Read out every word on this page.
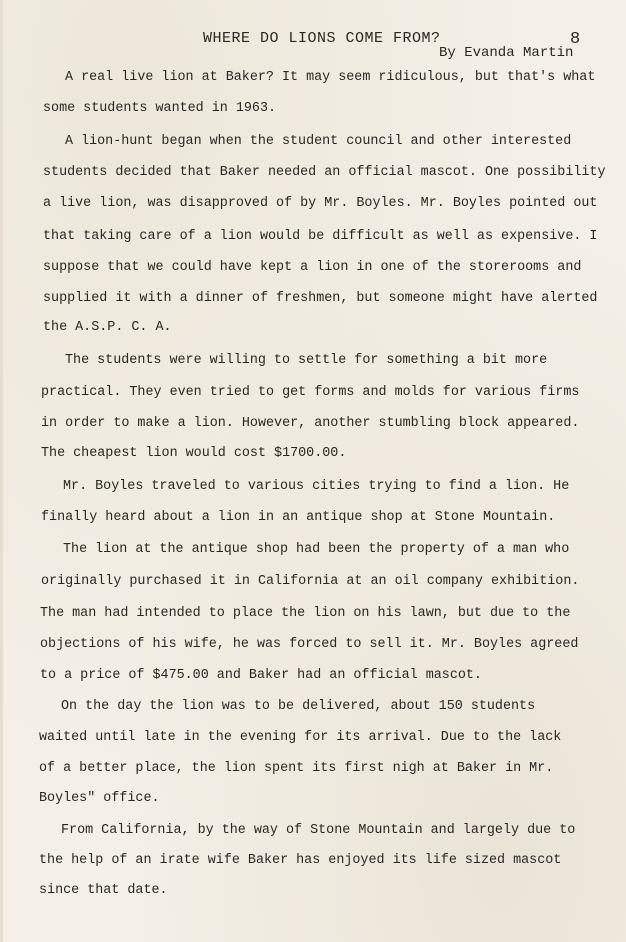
WHERE DO LIONS COME FROM?	8
By Evanda Martin
A real live lion at Baker? It may seem ridiculous, but that's what
some students wanted in 1963.
A lion-hunt began when the student council and other interested
students decided that Baker needed an official mascot. One possibility
a live lion, was disapproved of by Mr. Boyles. Mr. Boyles pointed out
that taking care of a lion would be difficult as well as expensive. I
suppose that we could have kept a lion in one of the storerooms and
supplied it with a dinner of freshmen, but someone might have alerted
the A.S.P. C. A.
The students were willing to settle for something a bit more
practical. They even tried to get forms and molds for various firms
in order to make a lion. However, another stumbling block appeared.
The cheapest lion would cost $1700.00.
Mr. Boyles traveled to various cities trying to find a lion. He
finally heard about a lion in an antique shop at Stone Mountain.
The lion at the antique shop had been the property of a man who
originally purchased it in California at an oil company exhibition.
The man had intended to place the lion on his lawn, but due to the
objections of his wife, he was forced to sell it. Mr. Boyles agreed
to a price of $475.00 and Baker had an official mascot.
On the day the lion was to be delivered, about 150 students
waited until late in the evening for its arrival. Due to the lack
of a better place, the lion spent its first nigh at Baker in Mr.
Boyles" office.
From California, by the way of Stone Mountain and largely due to
the help of an irate wife Baker has enjoyed its life sized mascot
since that date.
